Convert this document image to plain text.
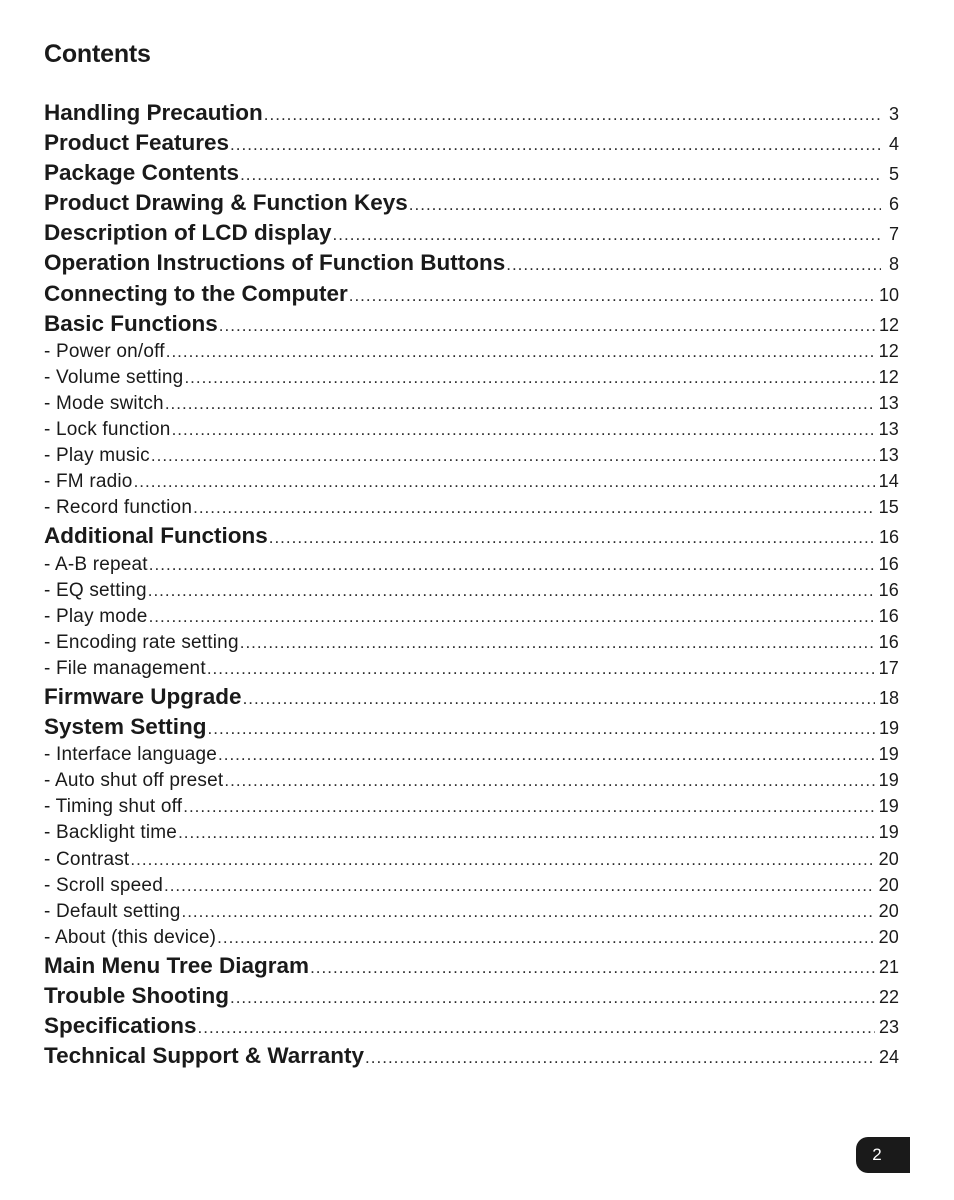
Contents
Handling Precaution .....	3
Product Features .....	4
Package Contents .....	5
Product Drawing & Function Keys .....	6
Description of LCD display .....	7
Operation Instructions of Function Buttons .....	8
Connecting to the Computer .....	10
Basic Functions .....	12
- Power on/off .....	12
- Volume setting .....	12
- Mode switch .....	13
- Lock function .....	13
- Play music .....	13
- FM radio .....	14
- Record function .....	15
Additional Functions .....	16
- A-B repeat .....	16
- EQ setting .....	16
- Play mode .....	16
- Encoding rate setting .....	16
- File management .....	17
Firmware Upgrade .....	18
System Setting .....	19
- Interface language .....	19
- Auto shut off preset .....	19
- Timing shut off .....	19
- Backlight time .....	19
- Contrast .....	20
- Scroll speed .....	20
- Default setting .....	20
- About (this device) .....	20
Main Menu Tree Diagram .....	21
Trouble Shooting .....	22
Specifications .....	23
Technical Support & Warranty .....	24
2
